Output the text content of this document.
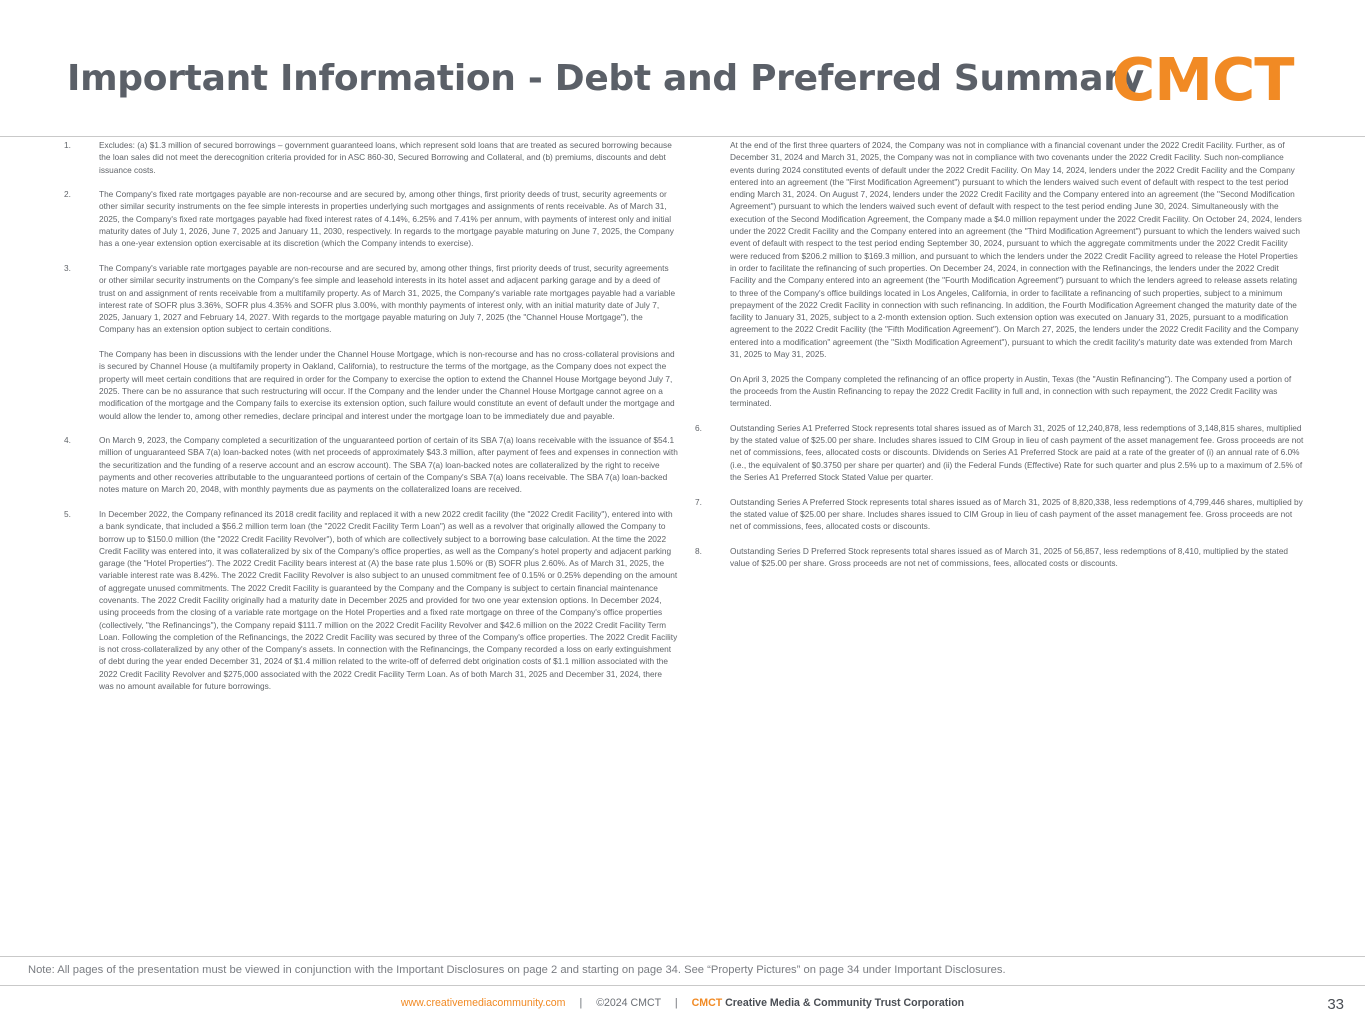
Important Information - Debt and Preferred Summary
CMCT
1.	Excludes: (a) $1.3 million of secured borrowings – government guaranteed loans, which represent sold loans that are treated as secured borrowing because the loan sales did not meet the derecognition criteria provided for in ASC 860-30, Secured Borrowing and Collateral, and (b) premiums, discounts and debt issuance costs.

2.	The Company's fixed rate mortgages payable are non-recourse and are secured by, among other things, first priority deeds of trust, security agreements or other similar security instruments on the fee simple interests in properties underlying such mortgages and assignments of rents receivable. As of March 31, 2025, the Company's fixed rate mortgages payable had fixed interest rates of 4.14%, 6.25% and 7.41% per annum, with payments of interest only and initial maturity dates of July 1, 2026, June 7, 2025 and January 11, 2030, respectively. In regards to the mortgage payable maturing on June 7, 2025, the Company has a one-year extension option exercisable at its discretion (which the Company intends to exercise).

3.	The Company's variable rate mortgages payable are non-recourse and are secured by, among other things, first priority deeds of trust, security agreements or other similar security instruments on the Company's fee simple and leasehold interests in its hotel asset and adjacent parking garage and by a deed of trust on and assignment of rents receivable from a multifamily property. As of March 31, 2025, the Company's variable rate mortgages payable had a variable interest rate of SOFR plus 3.36%, SOFR plus 4.35% and SOFR plus 3.00%, with monthly payments of interest only, with an initial maturity date of July 7, 2025, January 1, 2027 and February 14, 2027. With regards to the mortgage payable maturing on July 7, 2025 (the "Channel House Mortgage"), the Company has an extension option subject to certain conditions.

The Company has been in discussions with the lender under the Channel House Mortgage, which is non-recourse and has no cross-collateral provisions and is secured by Channel House (a multifamily property in Oakland, California), to restructure the terms of the mortgage, as the Company does not expect the property will meet certain conditions that are required in order for the Company to exercise the option to extend the Channel House Mortgage beyond July 7, 2025. There can be no assurance that such restructuring will occur. If the Company and the lender under the Channel House Mortgage cannot agree on a modification of the mortgage and the Company fails to exercise its extension option, such failure would constitute an event of default under the mortgage and would allow the lender to, among other remedies, declare principal and interest under the mortgage loan to be immediately due and payable.

4.	On March 9, 2023, the Company completed a securitization of the unguaranteed portion of certain of its SBA 7(a) loans receivable with the issuance of $54.1 million of unguaranteed SBA 7(a) loan-backed notes (with net proceeds of approximately $43.3 million, after payment of fees and expenses in connection with the securitization and the funding of a reserve account and an escrow account). The SBA 7(a) loan-backed notes are collateralized by the right to receive payments and other recoveries attributable to the unguaranteed portions of certain of the Company's SBA 7(a) loans receivable. The SBA 7(a) loan-backed notes mature on March 20, 2048, with monthly payments due as payments on the collateralized loans are received.

5.	In December 2022, the Company refinanced its 2018 credit facility and replaced it with a new 2022 credit facility (the "2022 Credit Facility"), entered into with a bank syndicate, that included a $56.2 million term loan (the "2022 Credit Facility Term Loan") as well as a revolver that originally allowed the Company to borrow up to $150.0 million (the "2022 Credit Facility Revolver"), both of which are collectively subject to a borrowing base calculation. At the time the 2022 Credit Facility was entered into, it was collateralized by six of the Company's office properties, as well as the Company's hotel property and adjacent parking garage (the "Hotel Properties"). The 2022 Credit Facility bears interest at (A) the base rate plus 1.50% or (B) SOFR plus 2.60%. As of March 31, 2025, the variable interest rate was 8.42%. The 2022 Credit Facility Revolver is also subject to an unused commitment fee of 0.15% or 0.25% depending on the amount of aggregate unused commitments. The 2022 Credit Facility is guaranteed by the Company and the Company is subject to certain financial maintenance covenants. The 2022 Credit Facility originally had a maturity date in December 2025 and provided for two one year extension options. In December 2024, using proceeds from the closing of a variable rate mortgage on the Hotel Properties and a fixed rate mortgage on three of the Company's office properties (collectively, "the Refinancings"), the Company repaid $111.7 million on the 2022 Credit Facility Revolver and $42.6 million on the 2022 Credit Facility Term Loan. Following the completion of the Refinancings, the 2022 Credit Facility was secured by three of the Company's office properties. The 2022 Credit Facility is not cross-collateralized by any other of the Company's assets. In connection with the Refinancings, the Company recorded a loss on early extinguishment of debt during the year ended December 31, 2024 of $1.4 million related to the write-off of deferred debt origination costs of $1.1 million associated with the 2022 Credit Facility Revolver and $275,000 associated with the 2022 Credit Facility Term Loan. As of both March 31, 2025 and December 31, 2024, there was no amount available for future borrowings.

At the end of the first three quarters of 2024, the Company was not in compliance with a financial covenant under the 2022 Credit Facility. Further, as of December 31, 2024 and March 31, 2025, the Company was not in compliance with two covenants under the 2022 Credit Facility. Such non-compliance events during 2024 constituted events of default under the 2022 Credit Facility. On May 14, 2024, lenders under the 2022 Credit Facility and the Company entered into an agreement (the "First Modification Agreement") pursuant to which the lenders waived such event of default with respect to the test period ending March 31, 2024. On August 7, 2024, lenders under the 2022 Credit Facility and the Company entered into an agreement (the "Second Modification Agreement") pursuant to which the lenders waived such event of default with respect to the test period ending June 30, 2024. Simultaneously with the execution of the Second Modification Agreement, the Company made a $4.0 million repayment under the 2022 Credit Facility. On October 24, 2024, lenders under the 2022 Credit Facility and the Company entered into an agreement (the "Third Modification Agreement") pursuant to which the lenders waived such event of default with respect to the test period ending September 30, 2024, pursuant to which the aggregate commitments under the 2022 Credit Facility were reduced from $206.2 million to $169.3 million, and pursuant to which the lenders under the 2022 Credit Facility agreed to release the Hotel Properties in order to facilitate the refinancing of such properties. On December 24, 2024, in connection with the Refinancings, the lenders under the 2022 Credit Facility and the Company entered into an agreement (the "Fourth Modification Agreement") pursuant to which the lenders agreed to release assets relating to three of the Company's office buildings located in Los Angeles, California, in order to facilitate a refinancing of such properties, subject to a minimum prepayment of the 2022 Credit Facility in connection with such refinancing. In addition, the Fourth Modification Agreement changed the maturity date of the facility to January 31, 2025, subject to a 2-month extension option. Such extension option was executed on January 31, 2025, pursuant to a modification agreement to the 2022 Credit Facility (the "Fifth Modification Agreement"). On March 27, 2025, the lenders under the 2022 Credit Facility and the Company entered into a modification" agreement (the "Sixth Modification Agreement"), pursuant to which the credit facility's maturity date was extended from March 31, 2025 to May 31, 2025.

On April 3, 2025 the Company completed the refinancing of an office property in Austin, Texas (the "Austin Refinancing"). The Company used a portion of the proceeds from the Austin Refinancing to repay the 2022 Credit Facility in full and, in connection with such repayment, the 2022 Credit Facility was terminated.

6.	Outstanding Series A1 Preferred Stock represents total shares issued as of March 31, 2025 of 12,240,878, less redemptions of 3,148,815 shares, multiplied by the stated value of $25.00 per share. Includes shares issued to CIM Group in lieu of cash payment of the asset management fee. Gross proceeds are not net of commissions, fees, allocated costs or discounts. Dividends on Series A1 Preferred Stock are paid at a rate of the greater of (i) an annual rate of 6.0% (i.e., the equivalent of $0.3750 per share per quarter) and (ii) the Federal Funds (Effective) Rate for such quarter and plus 2.5% up to a maximum of 2.5% of the Series A1 Preferred Stock Stated Value per quarter.

7.	Outstanding Series A Preferred Stock represents total shares issued as of March 31, 2025 of 8,820,338, less redemptions of 4,799,446 shares, multiplied by the stated value of $25.00 per share. Includes shares issued to CIM Group in lieu of cash payment of the asset management fee. Gross proceeds are not net of commissions, fees, allocated costs or discounts.

8.	Outstanding Series D Preferred Stock represents total shares issued as of March 31, 2025 of 56,857, less redemptions of 8,410, multiplied by the stated value of $25.00 per share. Gross proceeds are not net of commissions, fees, allocated costs or discounts.

Note: All pages of the presentation must be viewed in conjunction with the Important Disclosures on page 2 and starting on page 34. See “Property Pictures” on page 34 under Important Disclosures.
www.creativemediacommunity.com | ©2024 CMCT | CMCT Creative Media & Community Trust Corporation	33
